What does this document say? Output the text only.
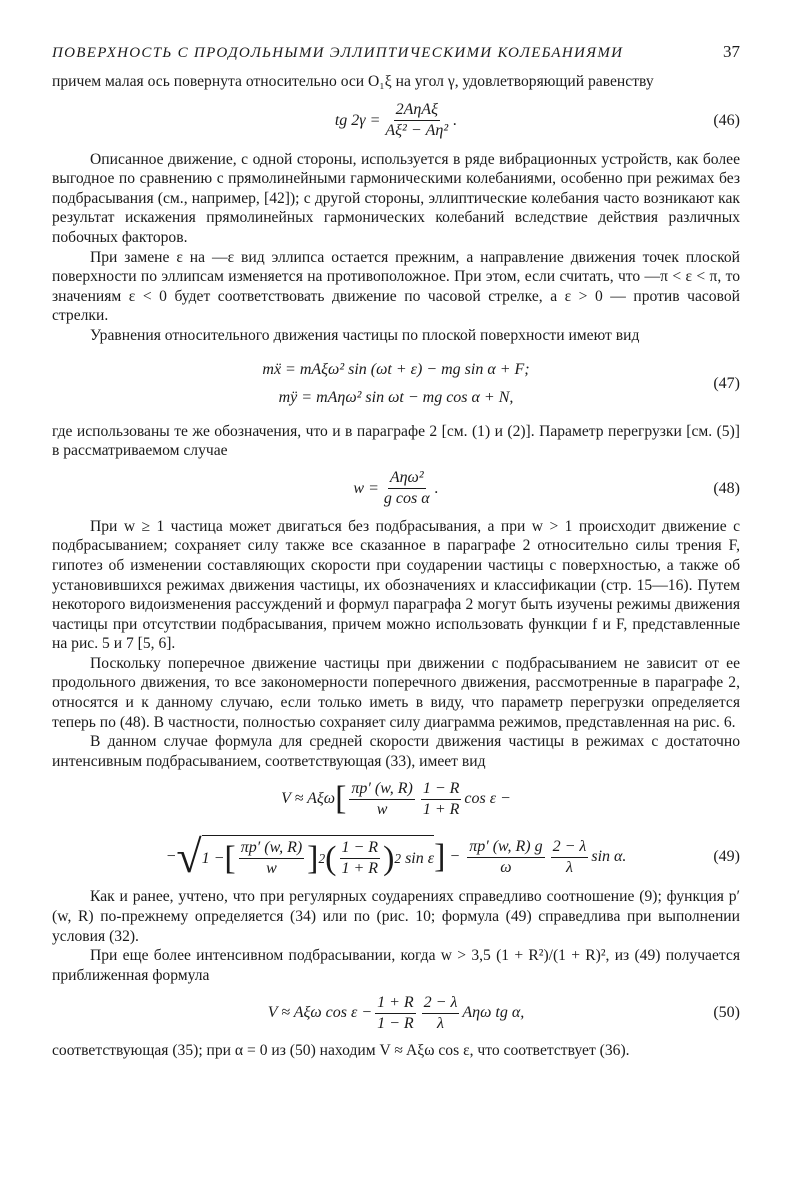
ПОВЕРХНОСТЬ С ПРОДОЛЬНЫМИ ЭЛЛИПТИЧЕСКИМИ КОЛЕБАНИЯМИ	37

причем малая ось повернута относительно оси O₁ξ на угол γ, удовлетворяющий равенству

tg $2\gamma = \frac{\text{2AηAξ}}{\text{Aξ² − Aη²}}$ .	(46)

Описанное движение, с одной стороны, используется в ряде вибрационных устройств, как более выгодное по сравнению с прямолинейными гармоническими колебаниями, особенно при режимах без подбрасывания (см., например, [42]); с другой стороны, эллиптические колебания часто возникают как результат искажения прямолинейных гармонических колебаний вследствие действия различных побочных факторов.

При замене ε на —ε вид эллипса остается прежним, а направление движения точек плоской поверхности по эллипсам изменяется на противоположное. При этом, если считать, что —π < ε < π, то значениям ε < 0 будет соответствовать движение по часовой стрелке, а ε > 0 — против часовой стрелки.

Уравнения относительного движения частицы по плоской поверхности имеют вид

mẍ = mAξω² sin (ωt + ε) − mg sin α + F;
mÿ = mAηω² sin ωt − mg cos α + N,
(47)

где использованы те же обозначения, что и в параграфе 2 [см. (1) и (2)]. Параметр перегрузки [см. (5)] в рассматриваемом случае

$w = \frac{\text{Aηω²}}{\text{g cos α}}$ .	(48)

При w ≥ 1 частица может двигаться без подбрасывания, а при w > 1 происходит движение с подбрасыванием; сохраняет силу также все сказанное в параграфе 2 относительно силы трения F, гипотез об изменении составляющих скорости при соударении частицы с поверхностью, а также об установившихся режимах движения частицы, их обозначениях и классификации (стр. 15—16). Путем некоторого видоизменения рассуждений и формул параграфа 2 могут быть изучены режимы движения частицы при отсутствии подбрасывания, причем можно использовать функции f и F, представленные на рис. 5 и 7 [5, 6].

Поскольку поперечное движение частицы при движении с подбрасыванием не зависит от ее продольного движения, то все закономерности поперечного движения, рассмотренные в параграфе 2, относятся и к данному случаю, если только иметь в виду, что параметр перегрузки определяется теперь по (48). В частности, полностью сохраняет силу диаграмма режимов, представленная на рис. 6.

В данном случае формула для средней скорости движения частицы в режимах с достаточно интенсивным подбрасыванием, соответствующая (33), имеет вид

V ≈ Aξω [ $\frac{\pi p' (w, R)}{w} \frac{1 - R}{1 + R}$ cos ε −
− √ 1 − [ $\frac{\pi p' (w, R)}{w}$ ] 2 ( $\frac{1 - R}{1 + R}$ ) 2 sin ε ] − $\frac{\pi p' (w, R) g}{\omega} \frac{2 - \lambda}{\lambda}$ sin α.	(49)

Как и ранее, учтено, что при регулярных соударениях справедливо соотношение (9); функция p′ (w, R) по-прежнему определяется (34) или по (рис. 10; формула (49) справедлива при выполнении условия (32).

При еще более интенсивном подбрасывании, когда w > 3,5 (1 + R²)/(1 + R)², из (49) получается приближенная формула

V ≈ Aξω $\cos \varepsilon - \frac{1 + R}{1 - R} \frac{2 - \lambda}{\lambda}$ Aηω tg α,	(50)

соответствующая (35); при α = 0 из (50) находим V ≈ Aξω cos ε, что соответствует (36).
